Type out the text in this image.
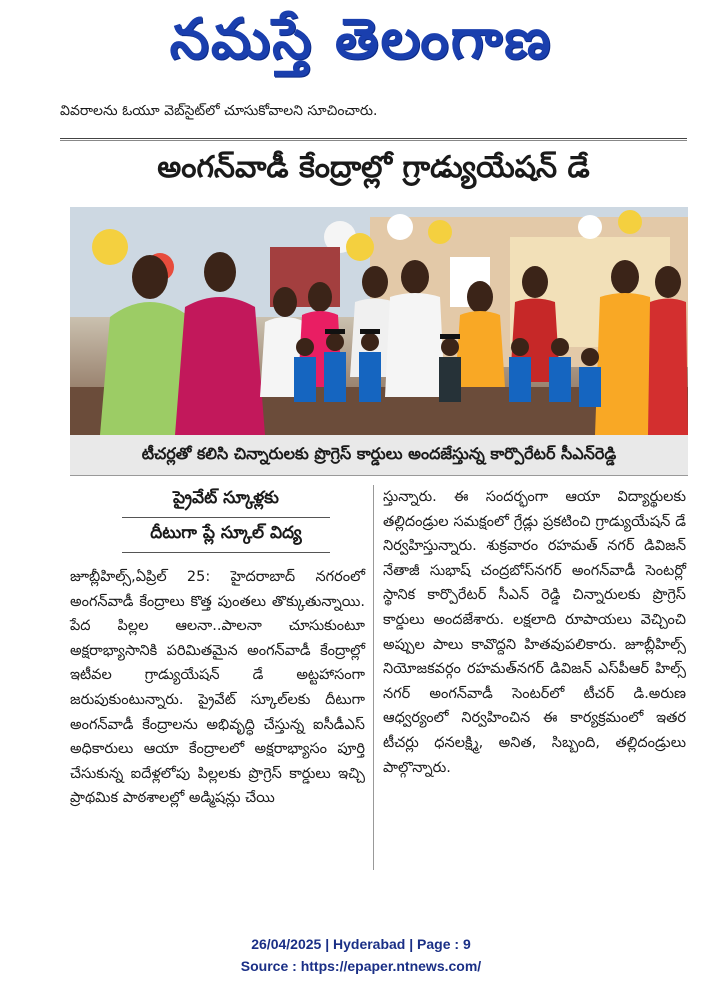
నమస్తే తెలంగాణ
వివరాలను ఓయూ వెబ్‌సైట్‌లో చూసుకోవాలని సూచించారు.
అంగన్‌వాడీ కేంద్రాల్లో గ్రాడ్యుయేషన్ డే
టీచర్లతో కలిసి చిన్నారులకు ప్రొగ్రెస్ కార్డులు అందజేస్తున్న కార్పొరేటర్ సీఎన్‌రెడ్డి
ప్రైవేట్ స్కూళ్లకు
దీటుగా ప్లే స్కూల్ విద్య

జూబ్లీహిల్స్,ఏప్రిల్ 25: హైదరాబాద్ నగరంలో అంగన్‌వాడీ కేంద్రాలు కొత్త పుంతలు తొక్కుతున్నాయి. పేద పిల్లల ఆలనా..పాలనా చూసుకుంటూ అక్షరాభ్యాసానికి పరిమితమైన అంగన్‌వాడీ కేంద్రాల్లో ఇటీవల గ్రాడ్యుయేషన్ డే అట్టహాసంగా జరుపుకుంటున్నారు. ప్రైవేట్ స్కూల్‌లకు దీటుగా అంగన్‌వాడీ కేంద్రాలను అభివృద్ధి చేస్తున్న ఐసీడీఎస్ అధికారులు ఆయా కేంద్రాలలో అక్షరాభ్యాసం పూర్తి చేసుకున్న ఐదేళ్లలోపు పిల్లలకు ప్రొగ్రెస్ కార్డులు ఇచ్చి ప్రాథమిక పాఠశాలల్లో అడ్మిషన్లు చేయి

స్తున్నారు. ఈ సందర్భంగా ఆయా విద్యార్థులకు తల్లిదండ్రుల సమక్షంలో గ్రేడ్లు ప్రకటించి గ్రాడ్యుయేషన్ డే నిర్వహిస్తున్నారు. శుక్రవారం రహమత్ నగర్ డివిజన్ నేతాజీ సుభాష్ చంద్రబోస్‌నగర్ అంగన్‌వాడీ సెంటర్లో స్థానిక కార్పొరేటర్ సీఎన్ రెడ్డి చిన్నారులకు ప్రొగ్రెస్ కార్డులు అందజేశారు. లక్షలాది రూపాయలు వెచ్చించి అప్పుల పాలు కావొద్దని హితవుపలికారు. జూబ్లీహిల్స్ నియోజకవర్గం రహమత్‌నగర్ డివిజన్ ఎస్‌పీఆర్ హిల్స్ నగర్ అంగన్‌వాడీ సెంటర్‌లో టీచర్ డి.అరుణ ఆధ్వర్యంలో నిర్వహించిన ఈ కార్యక్రమంలో ఇతర టీచర్లు ధనలక్ష్మి, అనిత, సిబ్బంది, తల్లిదండ్రులు పాల్గొన్నారు.

26/04/2025 | Hyderabad | Page : 9
Source : https://epaper.ntnews.com/
